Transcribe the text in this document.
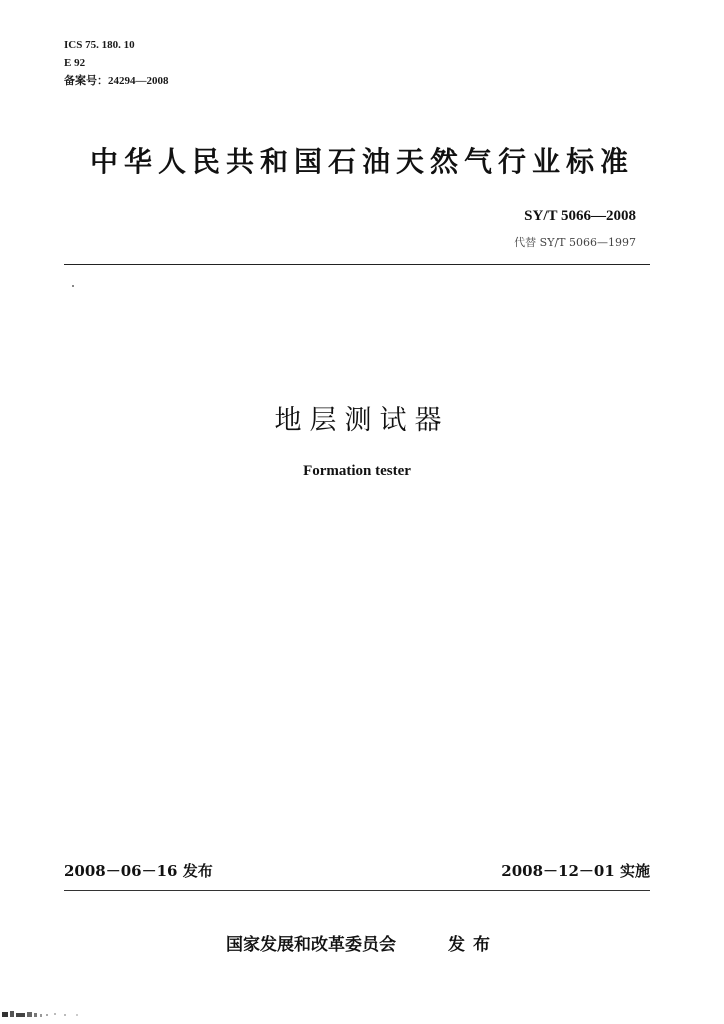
ICS 75. 180. 10
E 92
备案号：24294—2008
中华人民共和国石油天然气行业标准
SY/T 5066—2008
代替 SY/T 5066—1997
地层测试器
Formation tester
2008－06－16 发布	2008－12－01 实施
国家发展和改革委员会	发布
